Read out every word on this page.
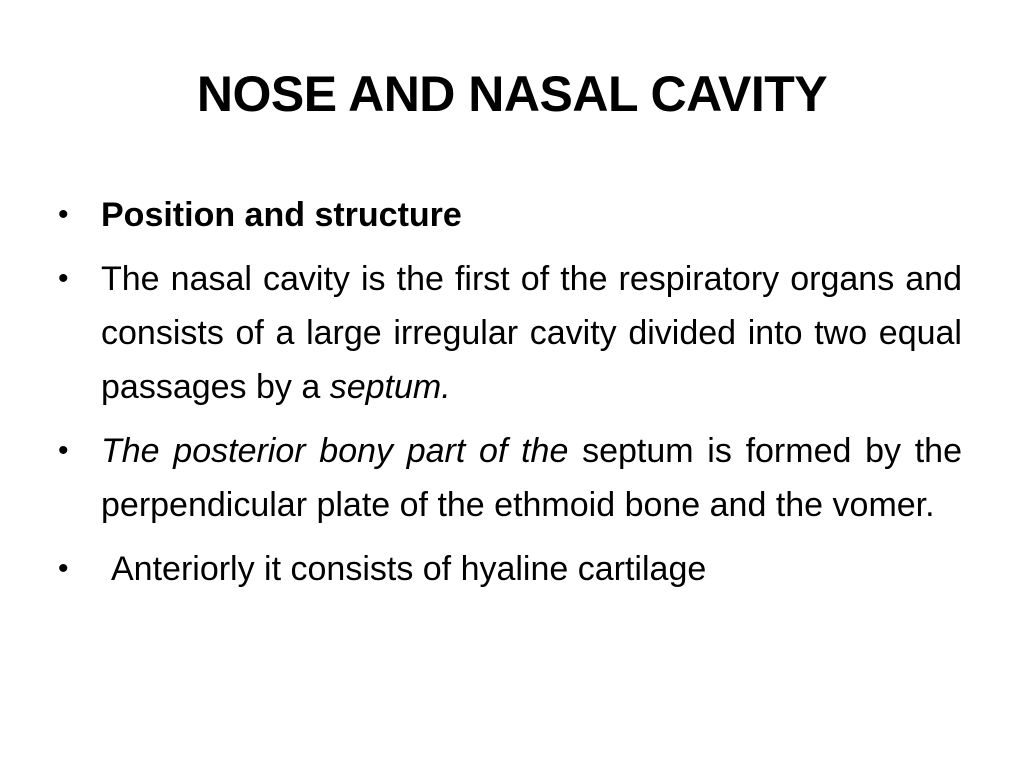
NOSE AND NASAL CAVITY
• Position and structure
• The nasal cavity is the first of the respiratory organs and consists of a large irregular cavity divided into two equal passages by a septum.
• The posterior bony part of the septum is formed by the perpendicular plate of the ethmoid bone and the vomer.
• Anteriorly it consists of hyaline cartilage
